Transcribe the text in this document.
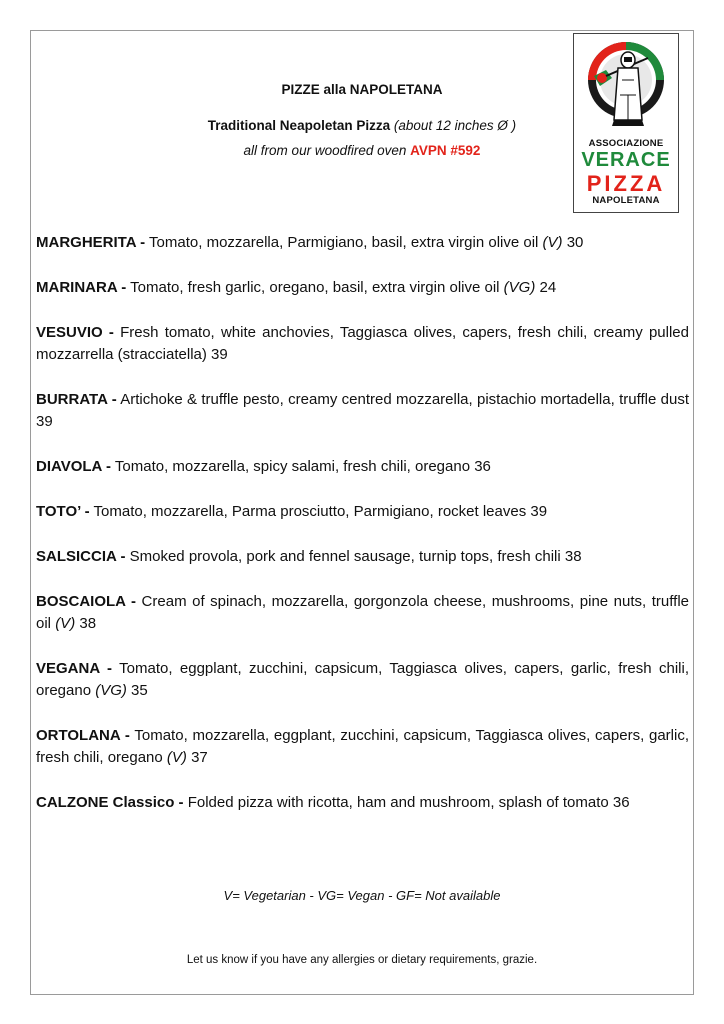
PIZZE alla NAPOLETANA
Traditional Neapoletan Pizza (about 12 inches Ø )
all from our woodfired oven AVPN #592	ASSOCIAZIONE
VERACE
PIZZA
NAPOLETANA

MARGHERITA - Tomato, mozzarella, Parmigiano, basil, extra virgin olive oil (V) 30

MARINARA - Tomato, fresh garlic, oregano, basil, extra virgin olive oil (VG) 24

VESUVIO - Fresh tomato, white anchovies, Taggiasca olives, capers, fresh chili, creamy pulled mozzarrella (stracciatella) 39

BURRATA - Artichoke & truffle pesto, creamy centred mozzarella, pistachio mortadella, truffle dust 39

DIAVOLA - Tomato, mozzarella, spicy salami, fresh chili, oregano 36

TOTO’ - Tomato, mozzarella, Parma prosciutto, Parmigiano, rocket leaves 39

SALSICCIA - Smoked provola, pork and fennel sausage, turnip tops, fresh chili 38

BOSCAIOLA - Cream of spinach, mozzarella, gorgonzola cheese, mushrooms, pine nuts, truffle oil (V) 38

VEGANA - Tomato, eggplant, zucchini, capsicum, Taggiasca olives, capers, garlic, fresh chili, oregano (VG) 35

ORTOLANA - Tomato, mozzarella, eggplant, zucchini, capsicum, Taggiasca olives, capers, garlic, fresh chili, oregano (V) 37

CALZONE Classico - Folded pizza with ricotta, ham and mushroom, splash of tomato 36

V= Vegetarian - VG= Vegan - GF= Not available
Let us know if you have any allergies or dietary requirements, grazie.
